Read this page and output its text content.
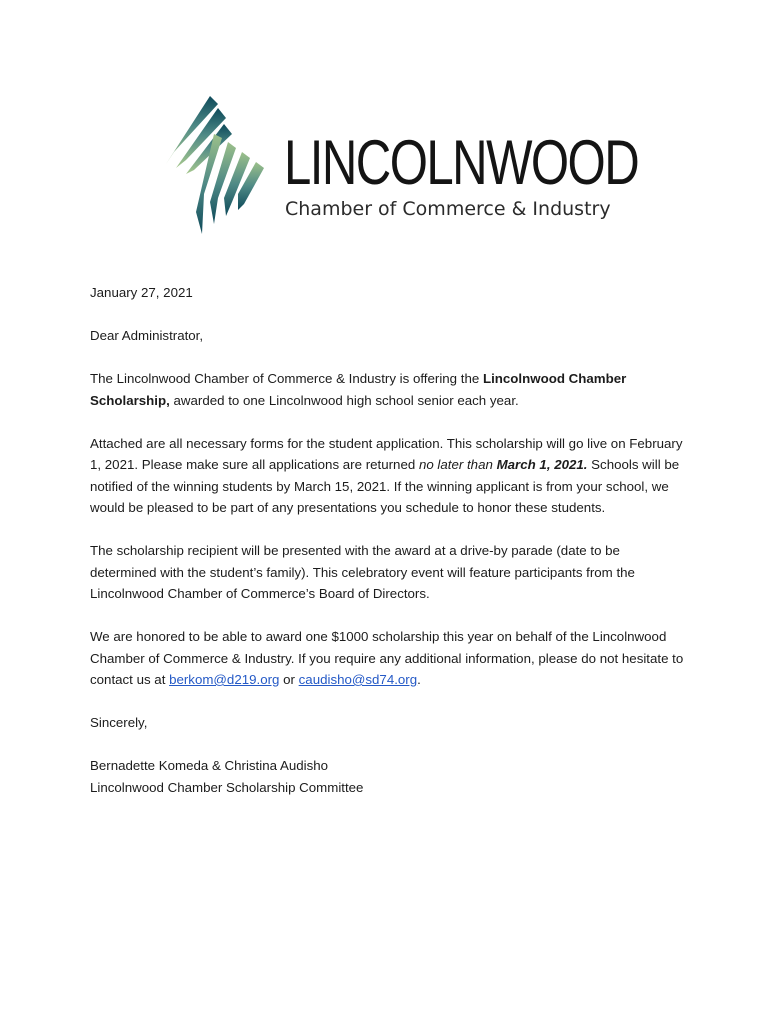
LINCOLNWOOD
Chamber of Commerce & Industry

January 27, 2021

Dear Administrator,

The Lincolnwood Chamber of Commerce & Industry is offering the Lincolnwood Chamber Scholarship, awarded to one Lincolnwood high school senior each year.

Attached are all necessary forms for the student application. This scholarship will go live on February 1, 2021. Please make sure all applications are returned no later than March 1, 2021. Schools will be notified of the winning students by March 15, 2021. If the winning applicant is from your school, we would be pleased to be part of any presentations you schedule to honor these students.

The scholarship recipient will be presented with the award at a drive-by parade (date to be determined with the student’s family). This celebratory event will feature participants from the Lincolnwood Chamber of Commerce’s Board of Directors.

We are honored to be able to award one $1000 scholarship this year on behalf of the Lincolnwood Chamber of Commerce & Industry. If you require any additional information, please do not hesitate to contact us at berkom@d219.org or caudisho@sd74.org.

Sincerely,

Bernadette Komeda & Christina Audisho

Lincolnwood Chamber Scholarship Committee
